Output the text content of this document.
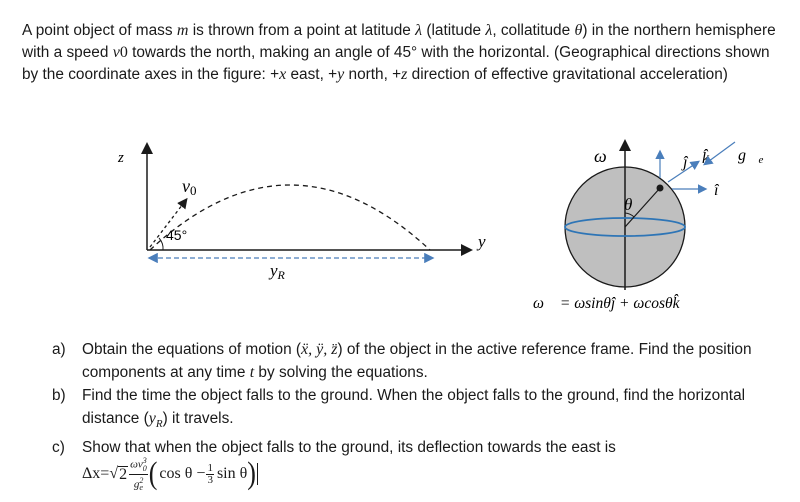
A point object of mass m is thrown from a point at latitude λ (latitude λ, collatitude θ) in the northern hemisphere

with a speed v0 towards the north, making an angle of 45° with the horizontal. (Geographical directions shown

by the coordinate axes in the figure: +x east, +y north, +z direction of effective gravitational acceleration)

z
y
v0
45°
yR
θ
ω⃗	ĵ k̂
î
g⃗e
ω⃗ = ωsinθĵ + ωcosθk̂
a)	Obtain the equations of motion (ẍ, ÿ, z̈) of the object in the active reference frame. Find the position components at any time t by solving the equations.
b)	Find the time the object falls to the ground. When the object falls to the ground, find the horizontal distance $(y_R)$ it travels.
c)	Show that when the object falls to the ground, its deflection towards the east is
Δx= √ $2 \frac{\omega v^3_0}{g^2_e}$ ( $\cos \theta - \frac{1}{3}$ sin θ )
